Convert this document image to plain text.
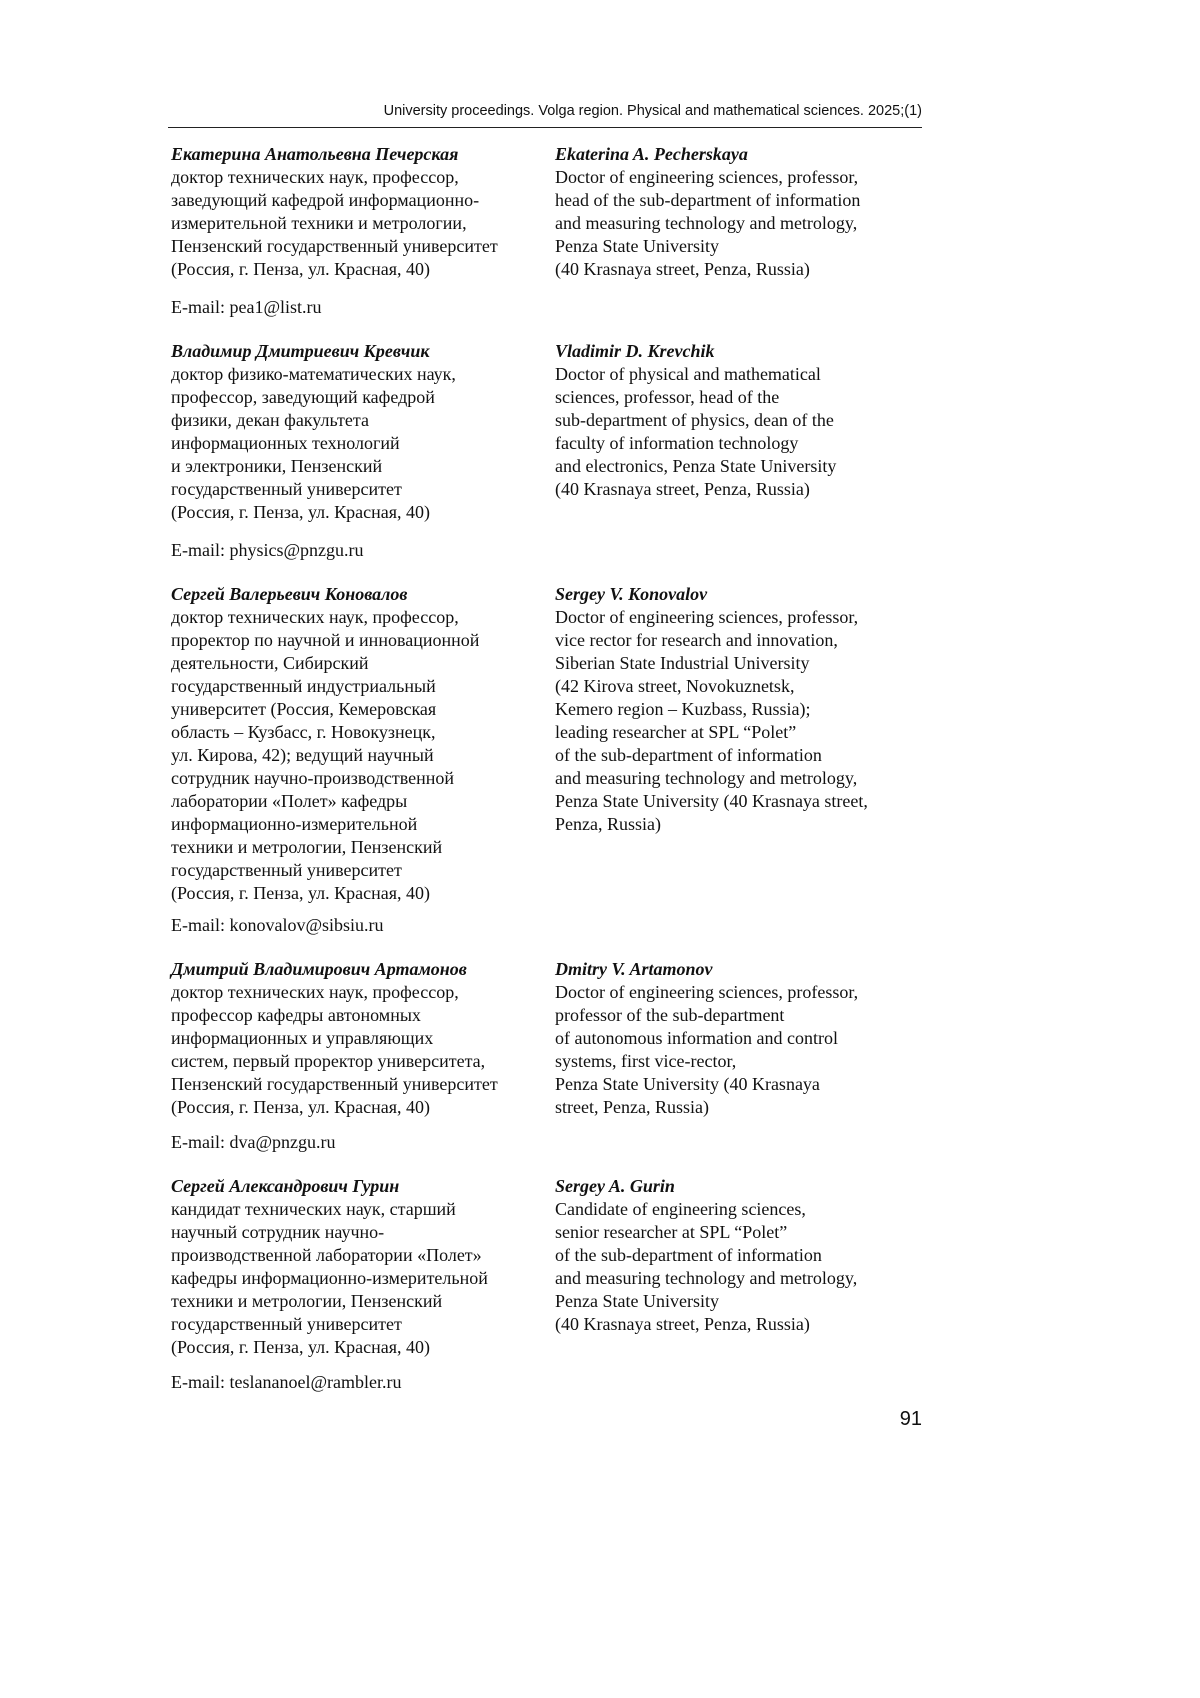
University proceedings. Volga region. Physical and mathematical sciences. 2025;(1)
Екатерина Анатольевна Печерская
доктор технических наук, профессор,
заведующий кафедрой информационно-
измерительной техники и метрологии,
Пензенский государственный университет
(Россия, г. Пенза, ул. Красная, 40)
E-mail: pea1@list.ru
Ekaterina A. Pecherskaya
Doctor of engineering sciences, professor,
head of the sub-department of information
and measuring technology and metrology,
Penza State University
(40 Krasnaya street, Penza, Russia)
Владимир Дмитриевич Кревчик
доктор физико-математических наук,
профессор, заведующий кафедрой
физики, декан факультета
информационных технологий
и электроники, Пензенский
государственный университет
(Россия, г. Пенза, ул. Красная, 40)
E-mail: physics@pnzgu.ru
Vladimir D. Krevchik
Doctor of physical and mathematical
sciences, professor, head of the
sub-department of physics, dean of the
faculty of information technology
and electronics, Penza State University
(40 Krasnaya street, Penza, Russia)
Сергей Валерьевич Коновалов
доктор технических наук, профессор,
проректор по научной и инновационной
деятельности, Сибирский
государственный индустриальный
университет (Россия, Кемеровская
область – Кузбасс, г. Новокузнецк,
ул. Кирова, 42); ведущий научный
сотрудник научно-производственной
лаборатории «Полет» кафедры
информационно-измерительной
техники и метрологии, Пензенский
государственный университет
(Россия, г. Пенза, ул. Красная, 40)
E-mail: konovalov@sibsiu.ru
Sergey V. Konovalov
Doctor of engineering sciences, professor,
vice rector for research and innovation,
Siberian State Industrial University
(42 Kirova street, Novokuznetsk,
Kemero region – Kuzbass, Russia);
leading researcher at SPL “Polet”
of the sub-department of information
and measuring technology and metrology,
Penza State University (40 Krasnaya street,
Penza, Russia)
Дмитрий Владимирович Артамонов
доктор технических наук, профессор,
профессор кафедры автономных
информационных и управляющих
систем, первый проректор университета,
Пензенский государственный университет
(Россия, г. Пенза, ул. Красная, 40)
E-mail: dva@pnzgu.ru
Dmitry V. Artamonov
Doctor of engineering sciences, professor,
professor of the sub-department
of autonomous information and control
systems, first vice-rector,
Penza State University (40 Krasnaya
street, Penza, Russia)
Сергей Александрович Гурин
кандидат технических наук, старший
научный сотрудник научно-
производственной лаборатории «Полет»
кафедры информационно-измерительной
техники и метрологии, Пензенский
государственный университет
(Россия, г. Пенза, ул. Красная, 40)
E-mail: teslananoel@rambler.ru
Sergey A. Gurin
Candidate of engineering sciences,
senior researcher at SPL “Polet”
of the sub-department of information
and measuring technology and metrology,
Penza State University
(40 Krasnaya street, Penza, Russia)
91
